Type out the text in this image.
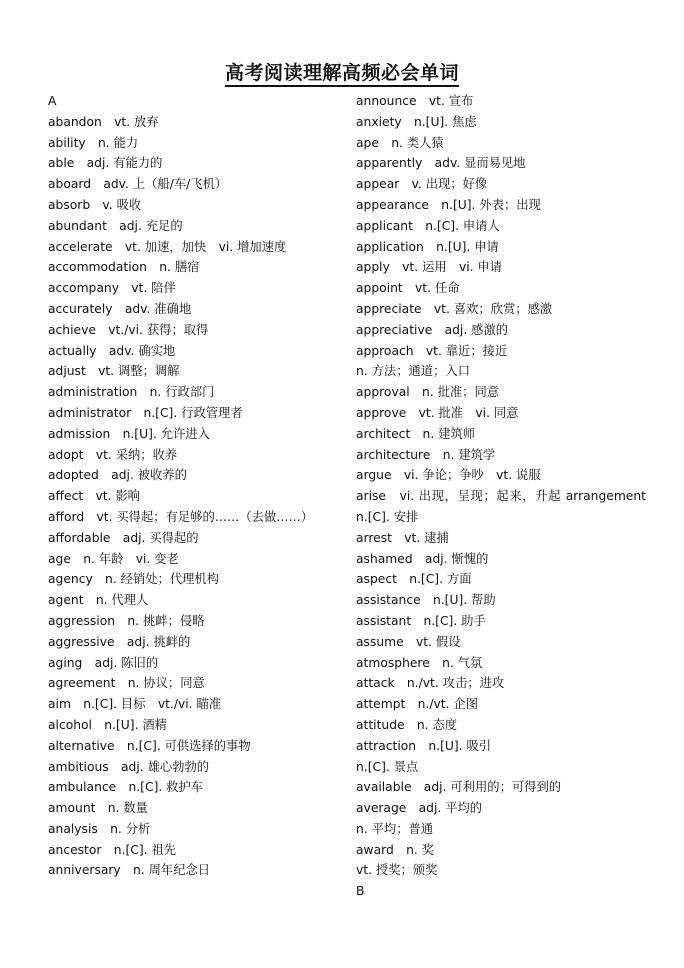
高考阅读理解高频必会单词
A
abandon　vt. 放弃
ability　n. 能力
able　adj. 有能力的
aboard　adv. 上（船/车/飞机）
absorb　v. 吸收
abundant　adj. 充足的
accelerate　vt. 加速，加快　vi. 增加速度
accommodation　n. 膳宿
accompany　vt. 陪伴
accurately　adv. 准确地
achieve　vt./vi. 获得；取得
actually　adv. 确实地
adjust　vt. 调整；调解
administration　n. 行政部门
administrator　n.[C]. 行政管理者
admission　n.[U]. 允许进入
adopt　vt. 采纳；收养
adopted　adj. 被收养的
affect　vt. 影响
afford　vt. 买得起；有足够的……（去做……）
affordable　adj. 买得起的
age　n. 年龄　vi. 变老
agency　n. 经销处；代理机构
agent　n. 代理人
aggression　n. 挑衅；侵略
aggressive　adj. 挑衅的
aging　adj. 陈旧的
agreement　n. 协议；同意
aim　n.[C]. 目标　vt./vi. 瞄准
alcohol　n.[U]. 酒精
alternative　n.[C]. 可供选择的事物
ambitious　adj. 雄心勃勃的
ambulance　n.[C]. 救护车
amount　n. 数量
analysis　n. 分析
ancestor　n.[C]. 祖先
anniversary　n. 周年纪念日
announce　vt. 宣布
anxiety　n.[U]. 焦虑
ape　n. 类人猿
apparently　adv. 显而易见地
appear　v. 出现；好像
appearance　n.[U]. 外表；出现
applicant　n.[C]. 申请人
application　n.[U]. 申请
apply　vt. 运用　vi. 申请
appoint　vt. 任命
appreciate　vt. 喜欢；欣赏；感激
appreciative　adj. 感激的
approach　vt. 靠近；接近
n. 方法；通道；入口
approval　n. 批准；同意
approve　vt. 批准　vi. 同意
architect　n. 建筑师
architecture　n. 建筑学
argue　vi. 争论；争吵　vt. 说服
arise　vi. 出现，呈现；起来，升起 arrangement n.[C]. 安排
arrest　vt. 逮捕
ashamed　adj. 惭愧的
aspect　n.[C]. 方面
assistance　n.[U]. 帮助
assistant　n.[C]. 助手
assume　vt. 假设
atmosphere　n. 气氛
attack　n./vt. 攻击；进攻
attempt　n./vt. 企图
attitude　n. 态度
attraction　n.[U]. 吸引
n.[C]. 景点
available　adj. 可利用的；可得到的
average　adj. 平均的
n. 平均；普通
award　n. 奖
vt. 授奖；颁奖
B
